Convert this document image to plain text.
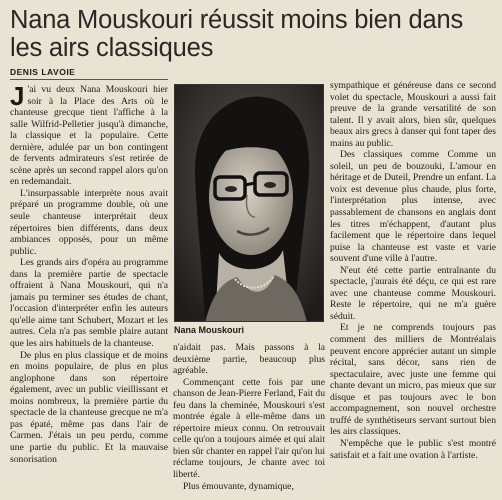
Nana Mouskouri réussit moins bien dans les airs classiques
DENIS LAVOIE

J 'ai vu deux Nana Mouskouri hier soir à la Place des Arts où le chanteuse grecque tient l'affiche à la salle Wilfrid-Pelletier jusqu'à dimanche, la classique et la populaire. Cette dernière, adulée par un bon contingent de fervents admirateurs s'est retirée de scène après un second rappel alors qu'on en redemandait.

L'insurpassable interprète nous avait préparé un programme double, où une seule chanteuse interprétait deux répertoires bien différents, dans deux ambiances opposés, pour un même public.

Les grands airs d'opéra au programme dans la première partie de spectacle offraient à Nana Mouskouri, qui n'a jamais pu terminer ses études de chant, l'occasion d'interpréter enfin les auteurs qu'elle aime tant Schubert, Mozart et les autres. Cela n'a pas semble plaire autant que les airs habituels de la chanteuse.

De plus en plus classique et de moins en moins populaire, de plus en plus anglophone dans son répertoire également, avec un public vieillissant et moins nombreux, la première partie du spectacle de la chanteuse grecque ne m'a pas épaté, même pas dans l'air de Carmen. J'étais un peu perdu, comme une partie du public. Et la mauvaise sonorisation

Nana Mouskouri

n'aidait pas. Mais passons à la deuxième partie, beaucoup plus agréable.

Commençant cette fois par une chanson de Jean-Pierre Ferland, Fait du feu dans la cheminée, Mouskouri s'est montrée égale à elle-même dans un répertoire mieux connu. On retrouvait celle qu'on a toujours aimée et qui alait bien sûr chanter en rappel l'air qu'on lui réclame toujours, Je chante avec toi liberté.

Plus émouvante, dynamique,

sympathique et généreuse dans ce second volet du spectacle, Mouskouri a aussi fait preuve de la grande versatilité de son talent. Il y avait alors, bien sûr, quelques beaux airs grecs à danser qui font taper des mains au public.

Des classiques comme Comme un soleil, un peu de bouzouki, L'amour en héritage et de Duteil, Prendre un enfant. La voix est devenue plus chaude, plus forte, l'interprétation plus intense, avec passablement de chansons en anglais dont les titres m'échappent, d'autant plus facilement que le répertoire dans lequel puise la chanteuse est vaste et varie souvent d'une ville à l'autre.

N'eut été cette partie entraînante du spectacle, j'aurais été déçu, ce qui est rare avec une chanteuse comme Mouskouri. Reste le répertoire, qui ne m'a guère séduit.

Et je ne comprends toujours pas comment des milliers de Montréalais peuvent encore apprécier autant un simple récital, sans décor, sans rien de spectaculaire, avec juste une femme qui chante devant un micro, pas mieux que sur disque et pas toujours avec le bon accompagnement, son nouvel orchestre truffé de synthétiseurs servant surtout bien les airs classiques.

N'empêche que le public s'est montré satisfait et a fait une ovation à l'artiste.
